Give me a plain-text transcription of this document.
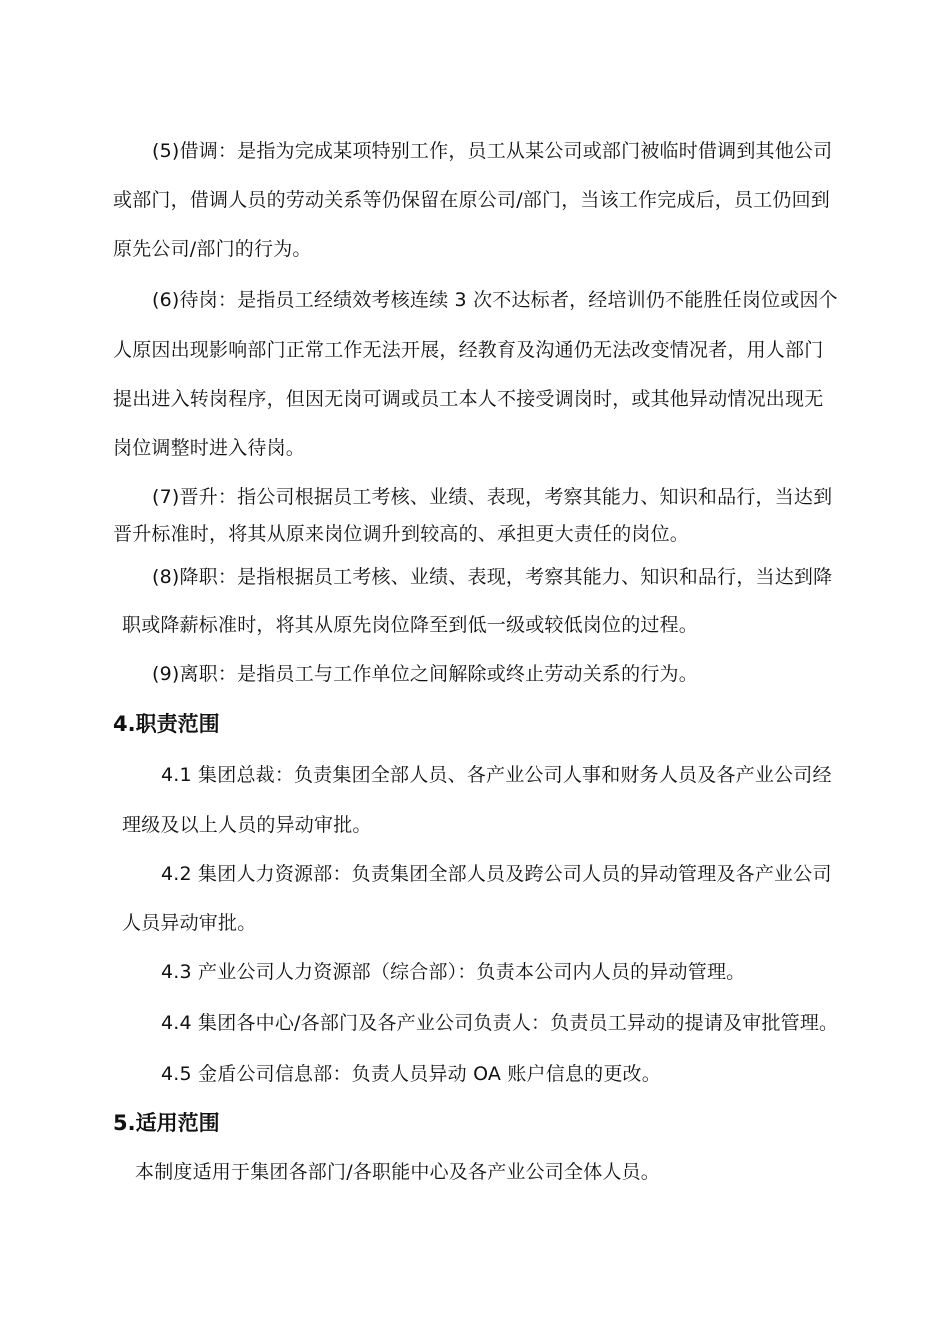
(5)借调：是指为完成某项特别工作，员工从某公司或部门被临时借调到其他公司
或部门，借调人员的劳动关系等仍保留在原公司/部门，当该工作完成后，员工仍回到
原先公司/部门的行为。
(6)待岗：是指员工经绩效考核连续 3 次不达标者，经培训仍不能胜任岗位或因个
人原因出现影响部门正常工作无法开展，经教育及沟通仍无法改变情况者，用人部门
提出进入转岗程序，但因无岗可调或员工本人不接受调岗时，或其他异动情况出现无
岗位调整时进入待岗。
(7)晋升：指公司根据员工考核、业绩、表现，考察其能力、知识和品行，当达到
晋升标准时，将其从原来岗位调升到较高的、承担更大责任的岗位。
(8)降职：是指根据员工考核、业绩、表现，考察其能力、知识和品行，当达到降
职或降薪标准时，将其从原先岗位降至到低一级或较低岗位的过程。
(9)离职：是指员工与工作单位之间解除或终止劳动关系的行为。
4.职责范围
4.1 集团总裁：负责集团全部人员、各产业公司人事和财务人员及各产业公司经
理级及以上人员的异动审批。
4.2 集团人力资源部：负责集团全部人员及跨公司人员的异动管理及各产业公司
人员异动审批。
4.3 产业公司人力资源部（综合部）：负责本公司内人员的异动管理。
4.4 集团各中心/各部门及各产业公司负责人：负责员工异动的提请及审批管理。
4.5 金盾公司信息部：负责人员异动 OA 账户信息的更改。
5.适用范围
本制度适用于集团各部门/各职能中心及各产业公司全体人员。
